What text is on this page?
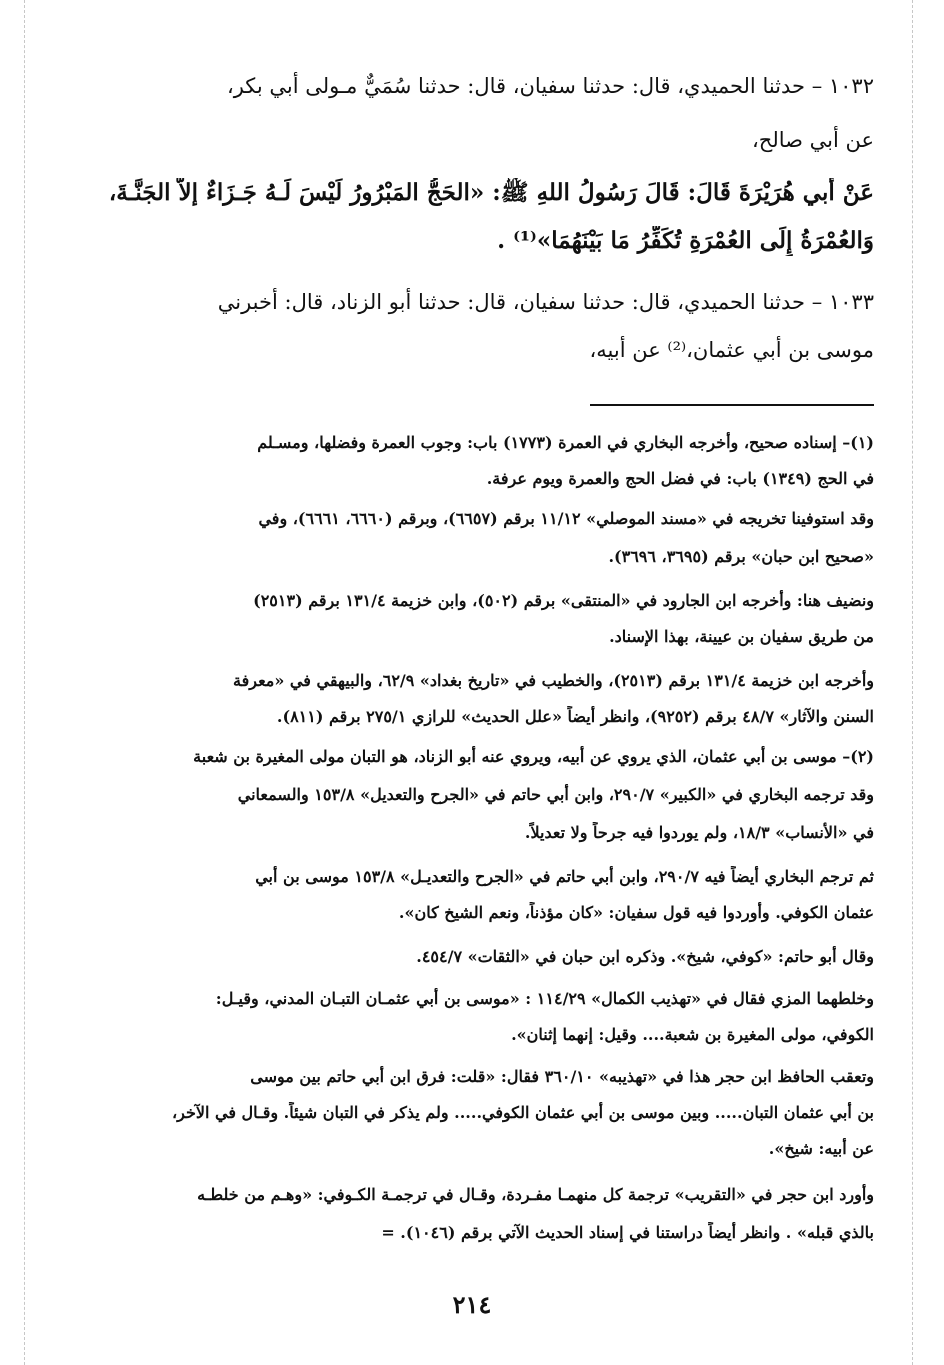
١٠٣٢ – حدثنا الحميدي، قال: حدثنا سفيان، قال: حدثنا سُمَيٌّ مـولى أبي بكر،
عن أبي صالح،
عَنْ أبي هُرَيْرَةَ قَالَ: قَالَ رَسُولُ اللهِ ﷺ: «الحَجُّ المَبْرُورُ لَيْسَ لَـهُ جَـزَاءٌ إلاَّ الجَنَّـةَ،
وَالعُمْرَةُ إِلَى العُمْرَةِ تُكَفِّرُ مَا بَيْنَهُمَا»⁽¹⁾ .
١٠٣٣ – حدثنا الحميدي، قال: حدثنا سفيان، قال: حدثنا أبو الزناد، قال: أخبرني
موسى بن أبي عثمان،⁽²⁾ عن أبيه،
(١)– إسناده صحيح، وأخرجه البخاري في العمرة (١٧٧٣) باب: وجوب العمرة وفضلها، ومسـلم
في الحج (١٣٤٩) باب: في فضل الحج والعمرة ويوم عرفة.
وقد استوفينا تخريجه في «مسند الموصلي» ١١/١٢ برقم (٦٦٥٧)، وبرقم (٦٦٦٠، ٦٦٦١)، وفي
«صحيح ابن حبان» برقم (٣٦٩٥، ٣٦٩٦).
ونضيف هنا: وأخرجه ابن الجارود في «المنتقى» برقم (٥٠٢)، وابن خزيمة ١٣١/٤ برقم (٢٥١٣)
من طريق سفيان بن عيينة، بهذا الإسناد.
وأخرجه ابن خزيمة ١٣١/٤ برقم (٢٥١٣)، والخطيب في «تاريخ بغداد» ٦٢/٩، والبيهقي في «معرفة
السنن والآثار» ٤٨/٧ برقم (٩٢٥٢)، وانظر أيضاً «علل الحديث» للرازي ٢٧٥/١ برقم (٨١١).
(٢)– موسى بن أبي عثمان، الذي يروي عن أبيه، ويروي عنه أبو الزناد، هو التبان مولى المغيرة بن شعبة
وقد ترجمه البخاري في «الكبير» ٢٩٠/٧، وابن أبي حاتم في «الجرح والتعديل» ١٥٣/٨ والسمعاني
في «الأنساب» ١٨/٣، ولم يوردوا فيه جرحاً ولا تعديلاً.
ثم ترجم البخاري أيضاً فيه ٢٩٠/٧، وابن أبي حاتم في «الجرح والتعديـل» ١٥٣/٨ موسى بن أبي
عثمان الكوفي. وأوردوا فيه قول سفيان: «كان مؤذناً، ونعم الشيخ كان».
وقال أبو حاتم: «كوفي، شيخ». وذكره ابن حبان في «الثقات» ٤٥٤/٧.
وخلطهما المزي فقال في «تهذيب الكمال» ١١٤/٢٩ : «موسى بن أبي عثمـان التبـان المدني، وقيـل:
الكوفي، مولى المغيرة بن شعبة.... وقيل: إنهما إثنان».
وتعقب الحافظ ابن حجر هذا في «تهذيبه» ٣٦٠/١٠ فقال: «قلت: فرق ابن أبي حاتم بين موسى
بن أبي عثمان التبان..... وبين موسى بن أبي عثمان الكوفي..... ولم يذكر في التبان شيئاً. وقـال في الآخر،
عن أبيه: شيخ».
وأورد ابن حجر في «التقريب» ترجمة كل منهمـا مفـردة، وقـال في ترجمـة الكـوفي: «وهـم من خلطـه
بالذي قبله» . وانظر أيضاً دراستنا في إسناد الحديث الآتي برقم (١٠٤٦). =
٢١٤
